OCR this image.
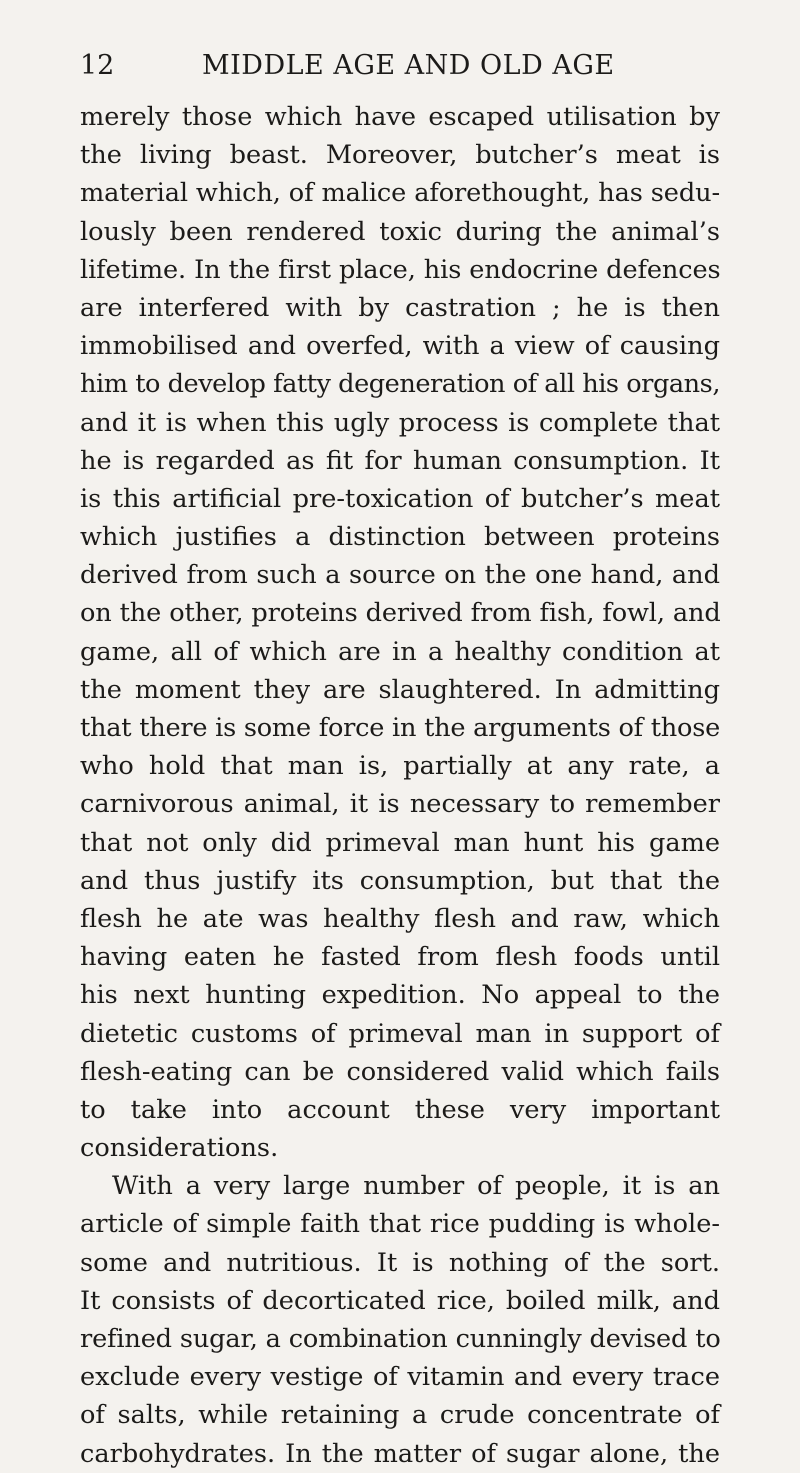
12	MIDDLE AGE AND OLD AGE
merely those which have escaped utilisation by
the living beast. Moreover, butcher’s meat is
material which, of malice aforethought, has sedu-
lously been rendered toxic during the animal’s
lifetime. In the first place, his endocrine defences
are interfered with by castration ; he is then
immobilised and overfed, with a view of causing
him to develop fatty degeneration of all his organs,
and it is when this ugly process is complete that
he is regarded as fit for human consumption. It
is this artificial pre-toxication of butcher’s meat
which justifies a distinction between proteins
derived from such a source on the one hand, and
on the other, proteins derived from fish, fowl, and
game, all of which are in a healthy condition at
the moment they are slaughtered. In admitting
that there is some force in the arguments of those
who hold that man is, partially at any rate, a
carnivorous animal, it is necessary to remember
that not only did primeval man hunt his game
and thus justify its consumption, but that the
flesh he ate was healthy flesh and raw, which
having eaten he fasted from flesh foods until
his next hunting expedition. No appeal to the
dietetic customs of primeval man in support of
flesh-eating can be considered valid which fails
to take into account these very important
considerations.
With a very large number of people, it is an
article of simple faith that rice pudding is whole-
some and nutritious. It is nothing of the sort.
It consists of decorticated rice, boiled milk, and
refined sugar, a combination cunningly devised to
exclude every vestige of vitamin and every trace
of salts, while retaining a crude concentrate of
carbohydrates. In the matter of sugar alone, the
